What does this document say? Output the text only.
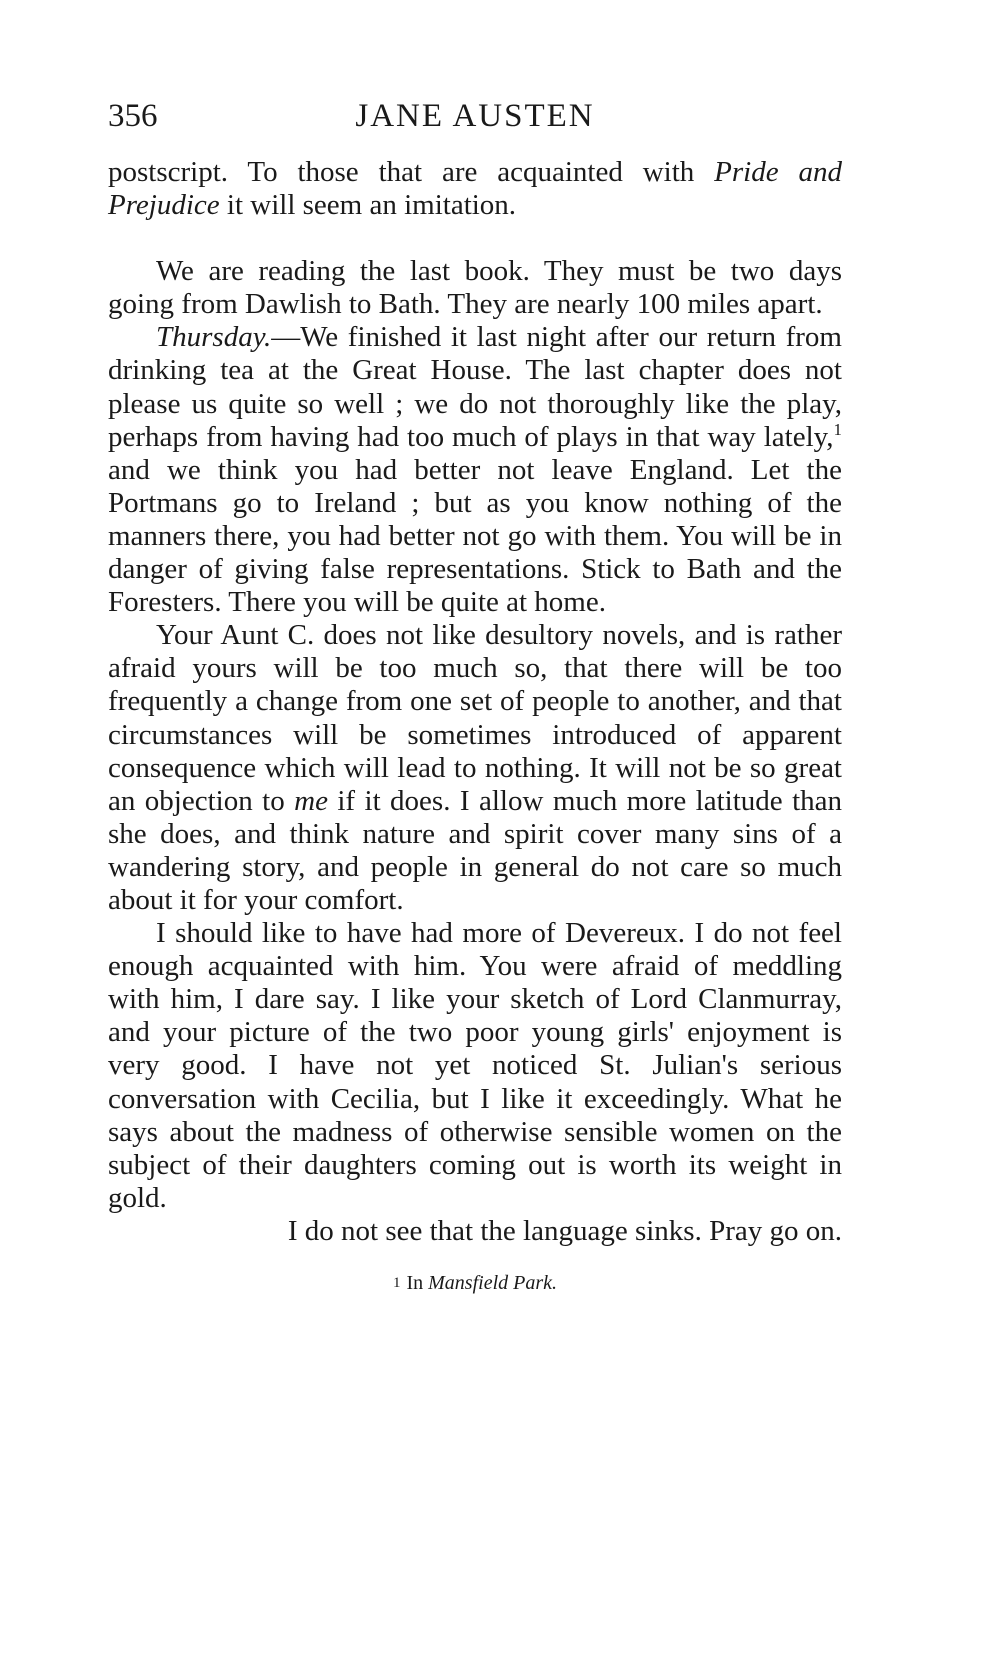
356	JANE AUSTEN

postscript. To those that are acquainted with Pride and Prejudice it will seem an imitation.

We are reading the last book. They must be two days going from Dawlish to Bath. They are nearly 100 miles apart.

Thursday.—We finished it last night after our return from drinking tea at the Great House. The last chapter does not please us quite so well ; we do not thoroughly like the play, perhaps from having had too much of plays in that way lately,$^1$ and we think you had better not leave England. Let the Portmans go to Ireland ; but as you know nothing of the manners there, you had better not go with them. You will be in danger of giving false representations. Stick to Bath and the Foresters. There you will be quite at home.

Your Aunt C. does not like desultory novels, and is rather afraid yours will be too much so, that there will be too frequently a change from one set of people to another, and that circumstances will be sometimes introduced of apparent consequence which will lead to nothing. It will not be so great an objection to me if it does. I allow much more latitude than she does, and think nature and spirit cover many sins of a wandering story, and people in general do not care so much about it for your comfort.

I should like to have had more of Devereux. I do not feel enough acquainted with him. You were afraid of meddling with him, I dare say. I like your sketch of Lord Clanmurray, and your picture of the two poor young girls' enjoyment is very good. I have not yet noticed St. Julian's serious conversation with Cecilia, but I like it exceedingly. What he says about the madness of otherwise sensible women on the subject of their daughters coming out is worth its weight in gold.

I do not see that the language sinks. Pray go on.

1 In Mansfield Park.
